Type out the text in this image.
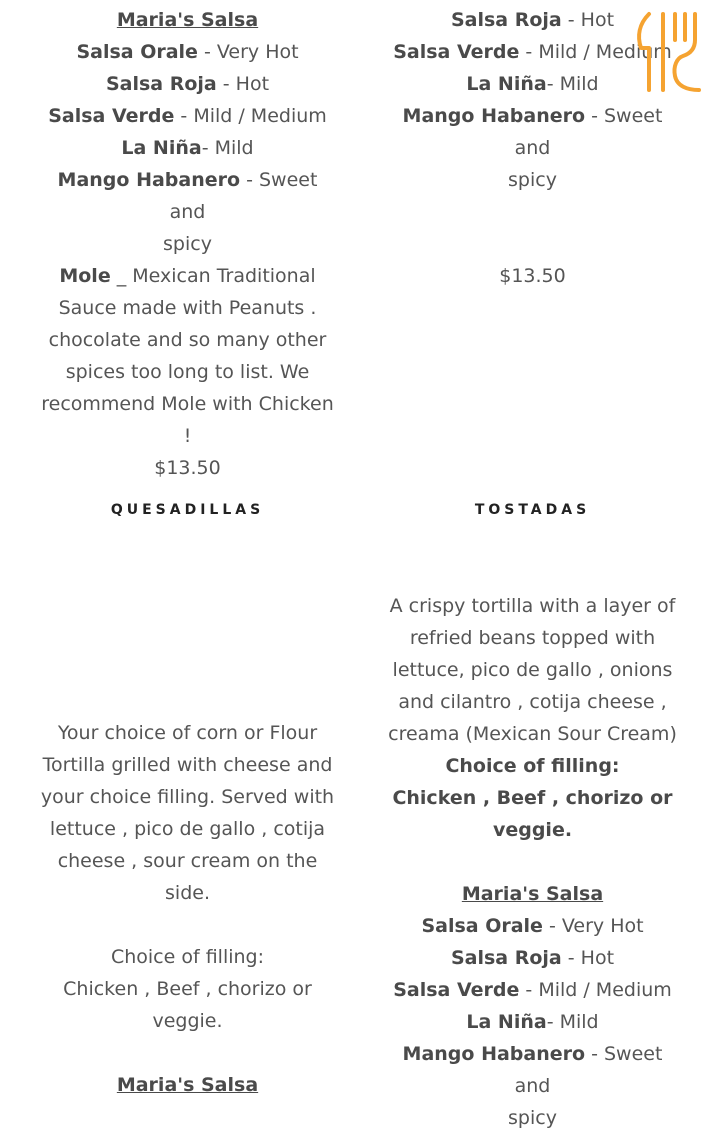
Maria's Salsa
Salsa Orale - Very Hot
Salsa Roja - Hot
Salsa Verde - Mild / Medium
La Niña- Mild
Mango Habanero - Sweet and
spicy
Mole _ Mexican Traditional
Sauce made with Peanuts .
chocolate and so many other
spices too long to list. We
recommend Mole with Chicken
!
$13.50
Salsa Roja - Hot
Salsa Verde - Mild / Medium
La Niña- Mild
Mango Habanero - Sweet and
spicy
$13.50
QUESADILLAS	TOSTADAS
Your choice of corn or Flour
Tortilla grilled with cheese and
your choice filling. Served with
lettuce , pico de gallo , cotija
cheese , sour cream on the
side.
Choice of filling:
Chicken , Beef , chorizo or
veggie.
Maria's Salsa
A crispy tortilla with a layer of
refried beans topped with
lettuce, pico de gallo , onions
and cilantro , cotija cheese ,
creama (Mexican Sour Cream)
Choice of filling:
Chicken , Beef , chorizo or
veggie.
Maria's Salsa
Salsa Orale - Very Hot
Salsa Roja - Hot
Salsa Verde - Mild / Medium
La Niña- Mild
Mango Habanero - Sweet and
spicy
